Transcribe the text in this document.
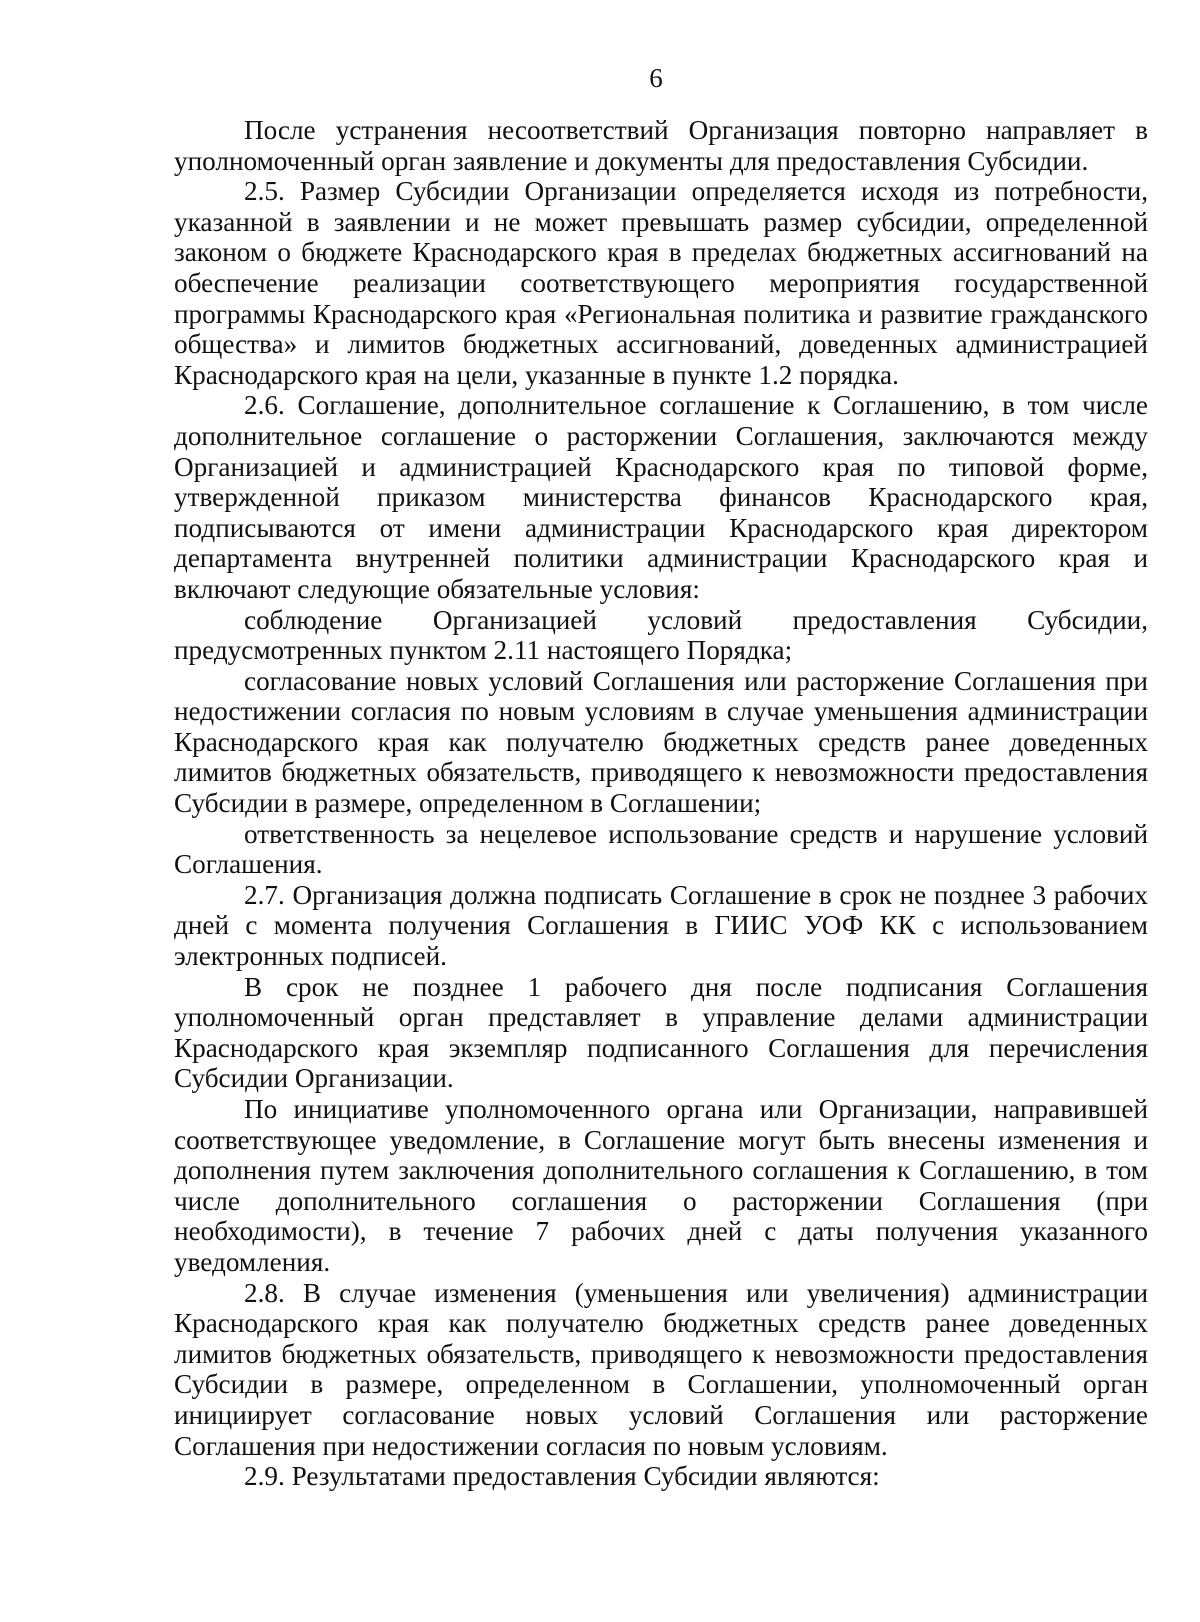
6

После устранения несоответствий Организация повторно направляет в уполномоченный орган заявление и документы для предоставления Субсидии.

2.5. Размер Субсидии Организации определяется исходя из потребности, указанной в заявлении и не может превышать размер субсидии, определенной законом о бюджете Краснодарского края в пределах бюджетных ассигнований на обеспечение реализации соответствующего мероприятия государственной программы Краснодарского края «Региональная политика и развитие гражданского общества» и лимитов бюджетных ассигнований, доведенных администрацией Краснодарского края на цели, указанные в пункте 1.2 порядка.

2.6. Соглашение, дополнительное соглашение к Соглашению, в том числе дополнительное соглашение о расторжении Соглашения, заключаются между Организацией и администрацией Краснодарского края по типовой форме, утвержденной приказом министерства финансов Краснодарского края, подписываются от имени администрации Краснодарского края директором департамента внутренней политики администрации Краснодарского края и включают следующие обязательные условия:

соблюдение Организацией условий предоставления Субсидии, предусмотренных пунктом 2.11 настоящего Порядка;

согласование новых условий Соглашения или расторжение Соглашения при недостижении согласия по новым условиям в случае уменьшения администрации Краснодарского края как получателю бюджетных средств ранее доведенных лимитов бюджетных обязательств, приводящего к невозможности предоставления Субсидии в размере, определенном в Соглашении;

ответственность за нецелевое использование средств и нарушение условий Соглашения.

2.7. Организация должна подписать Соглашение в срок не позднее 3 рабочих дней с момента получения Соглашения в ГИИС УОФ КК с использованием электронных подписей.

В срок не позднее 1 рабочего дня после подписания Соглашения уполномоченный орган представляет в управление делами администрации Краснодарского края экземпляр подписанного Соглашения для перечисления Субсидии Организации.

По инициативе уполномоченного органа или Организации, направившей соответствующее уведомление, в Соглашение могут быть внесены изменения и дополнения путем заключения дополнительного соглашения к Соглашению, в том числе дополнительного соглашения о расторжении Соглашения (при необходимости), в течение 7 рабочих дней с даты получения указанного уведомления.

2.8. В случае изменения (уменьшения или увеличения) администрации Краснодарского края как получателю бюджетных средств ранее доведенных лимитов бюджетных обязательств, приводящего к невозможности предоставления Субсидии в размере, определенном в Соглашении, уполномоченный орган инициирует согласование новых условий Соглашения или расторжение Соглашения при недостижении согласия по новым условиям.

2.9. Результатами предоставления Субсидии являются:
